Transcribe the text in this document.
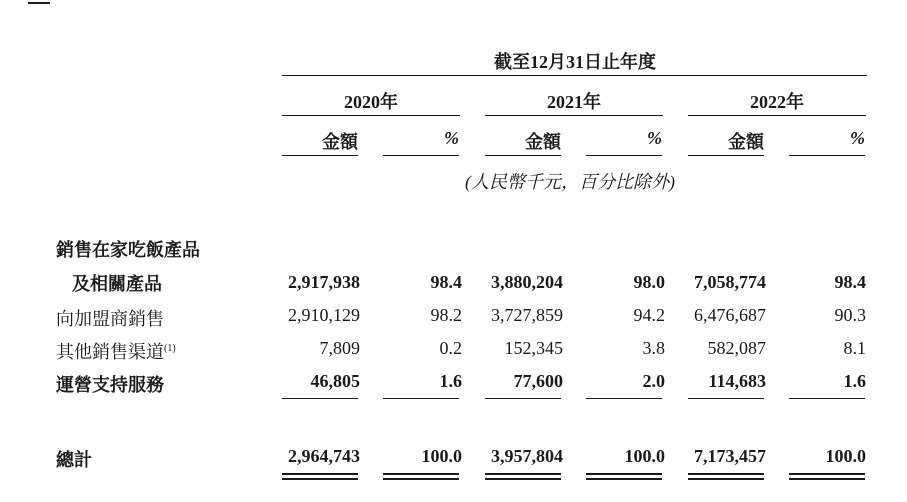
截至12月31日止年度
2020年	2021年	2022年
金額	%	金額	%	金額	%
(人民幣千元，百分比除外)
銷售在家吃飯產品
及相關產品	2,917,938	98.4	3,880,204	98.0	7,058,774	98.4
向加盟商銷售	2,910,129	98.2	3,727,859	94.2	6,476,687	90.3
其他銷售渠道$^{(1)}$	7,809	0.2	152,345	3.8	582,087	8.1
運營支持服務	46,805	1.6	77,600	2.0	114,683	1.6
總計	2,964,743	100.0	3,957,804	100.0	7,173,457	100.0
